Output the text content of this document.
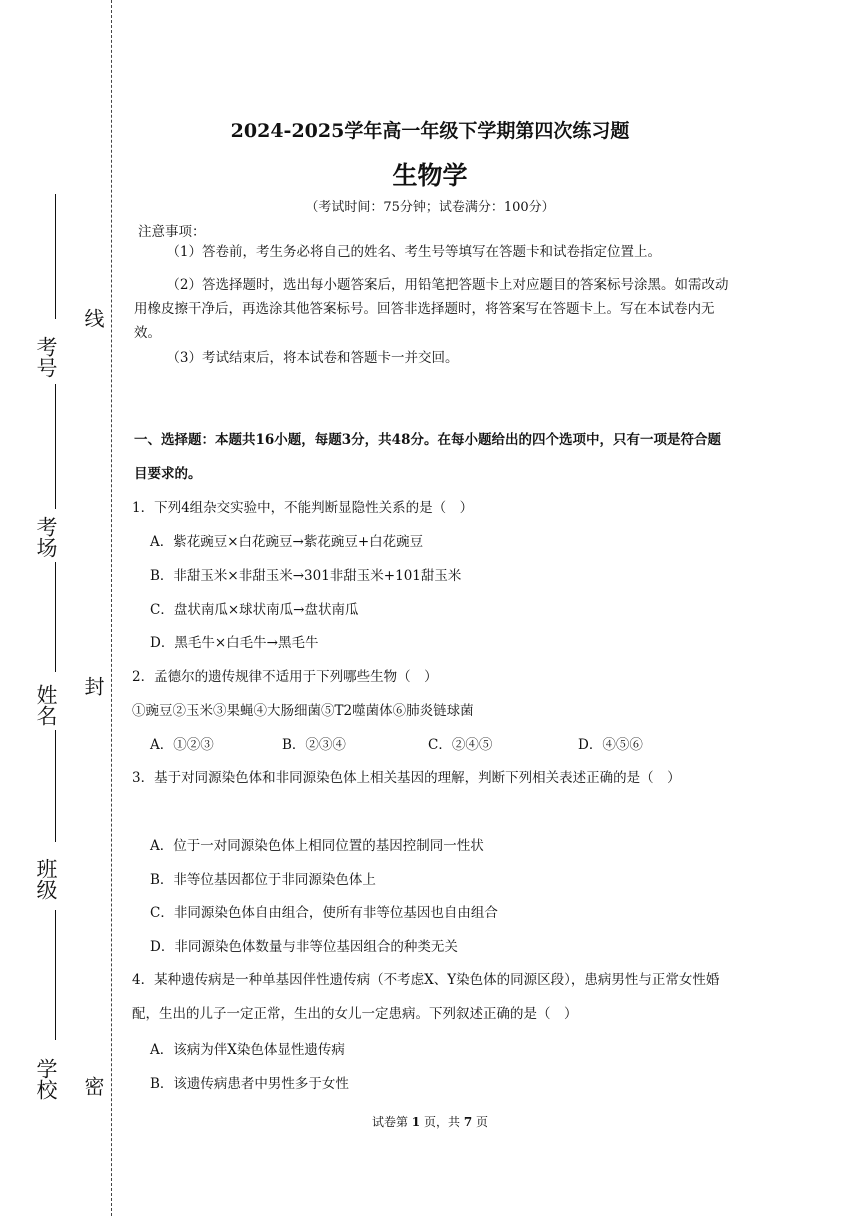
考号
考场
姓名
班级
学校
线
封
密
2024-2025学年高一年级下学期第四次练习题
生物学
（考试时间：75分钟；试卷满分：100分）
注意事项：
（1）答卷前，考生务必将自己的姓名、考生号等填写在答题卡和试卷指定位置上。
（2）答选择题时，选出每小题答案后，用铅笔把答题卡上对应题目的答案标号涂黑。如需改动用橡皮擦干净后，再选涂其他答案标号。回答非选择题时，将答案写在答题卡上。写在本试卷内无效。
（3）考试结束后，将本试卷和答题卡一并交回。
一、选择题：本题共16小题，每题3分，共48分。在每小题给出的四个选项中，只有一项是符合题目要求的。
1．下列4组杂交实验中，不能判断显隐性关系的是（　）
A．紫花豌豆×白花豌豆→紫花豌豆+白花豌豆
B．非甜玉米×非甜玉米→301非甜玉米+101甜玉米
C．盘状南瓜×球状南瓜→盘状南瓜
D．黑毛牛×白毛牛→黑毛牛
2．孟德尔的遗传规律不适用于下列哪些生物（　）
①豌豆②玉米③果蝇④大肠细菌⑤T2噬菌体⑥肺炎链球菌
A．①②③	B．②③④	C．②④⑤	D．④⑤⑥
3．基于对同源染色体和非同源染色体上相关基因的理解，判断下列相关表述正确的是（　）
A．位于一对同源染色体上相同位置的基因控制同一性状
B．非等位基因都位于非同源染色体上
C．非同源染色体自由组合，使所有非等位基因也自由组合
D．非同源染色体数量与非等位基因组合的种类无关
4．某种遗传病是一种单基因伴性遗传病（不考虑X、Y染色体的同源区段），患病男性与正常女性婚配，生出的儿子一定正常，生出的女儿一定患病。下列叙述正确的是（　）
A．该病为伴X染色体显性遗传病
B．该遗传病患者中男性多于女性
试卷第 1 页，共 7 页
